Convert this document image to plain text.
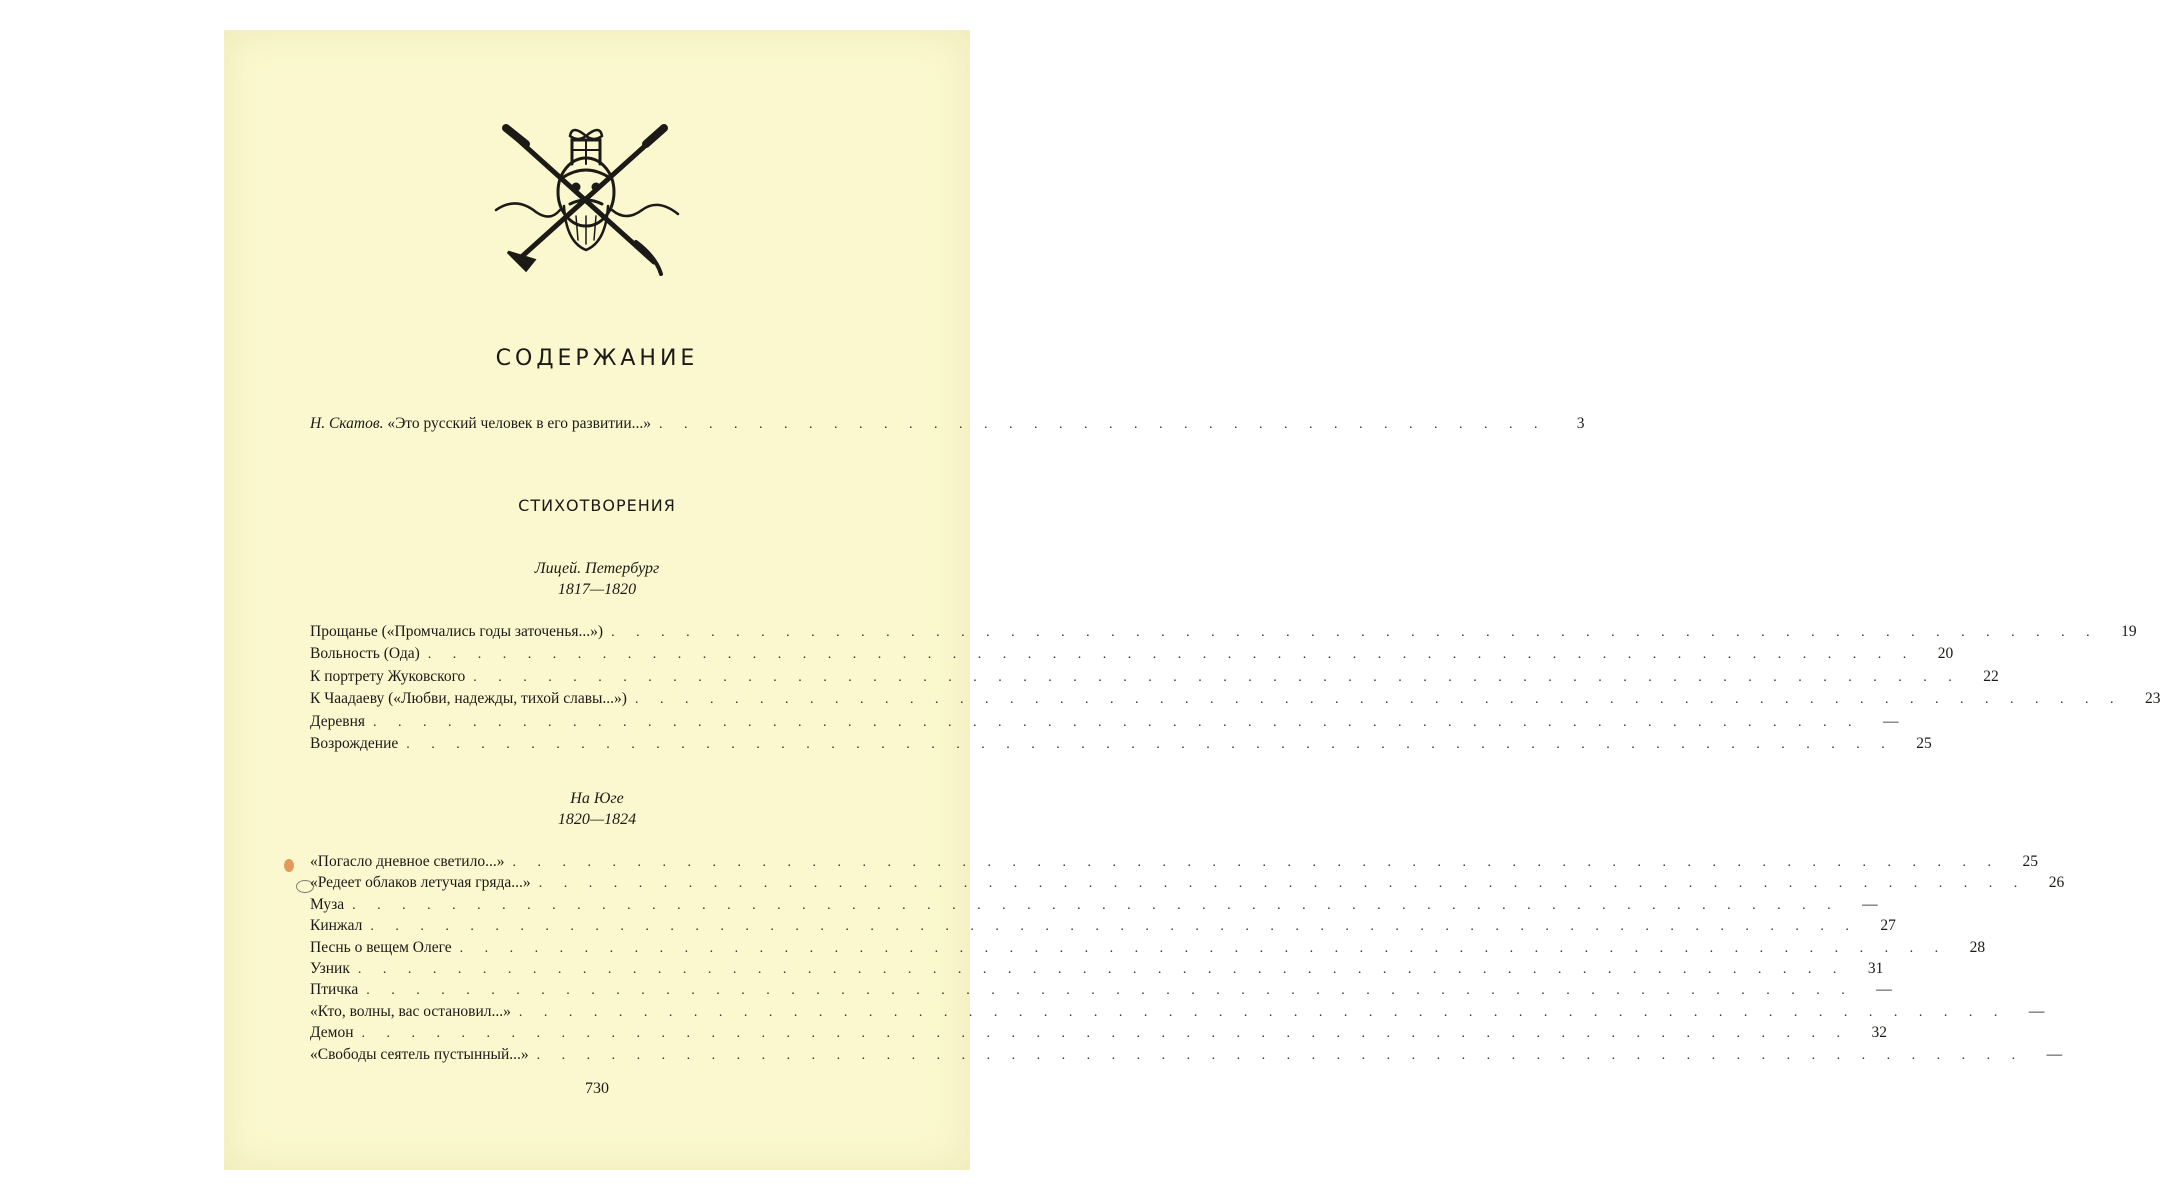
СОДЕРЖАНИЕ
Н. Скатов. «Это русский человек в его развитии...» . . . . . . . . . . . . . . . . . . . . . . . . . . . . . . . . . . . .	3
СТИХОТВОРЕНИЯ
Лицей. Петербург
1817—1820
Прощанье («Промчались годы заточенья...») . . . . . . . . . . . . . . . . . . . . . . . . . . . . . . . . . . . . . . . . . . . . . . . . . . . . . . . . . . . .	19
Вольность (Ода) . . . . . . . . . . . . . . . . . . . . . . . . . . . . . . . . . . . . . . . . . . . . . . . . . . . . . . . . . . . .	20
К портрету Жуковского . . . . . . . . . . . . . . . . . . . . . . . . . . . . . . . . . . . . . . . . . . . . . . . . . . . . . . . . . . . .	22
К Чаадаеву («Любви, надежды, тихой славы...») . . . . . . . . . . . . . . . . . . . . . . . . . . . . . . . . . . . . . . . . . . . . . . . . . . . . . . . . . . . .	23
Деревня . . . . . . . . . . . . . . . . . . . . . . . . . . . . . . . . . . . . . . . . . . . . . . . . . . . . . . . . . . . .	—
Возрождение . . . . . . . . . . . . . . . . . . . . . . . . . . . . . . . . . . . . . . . . . . . . . . . . . . . . . . . . . . . .	25
На Юге
1820—1824
«Погасло дневное светило...» . . . . . . . . . . . . . . . . . . . . . . . . . . . . . . . . . . . . . . . . . . . . . . . . . . . . . . . . . . . .	25
«Редеет облаков летучая гряда...» . . . . . . . . . . . . . . . . . . . . . . . . . . . . . . . . . . . . . . . . . . . . . . . . . . . . . . . . . . . .	26
Муза . . . . . . . . . . . . . . . . . . . . . . . . . . . . . . . . . . . . . . . . . . . . . . . . . . . . . . . . . . . .	—
Кинжал . . . . . . . . . . . . . . . . . . . . . . . . . . . . . . . . . . . . . . . . . . . . . . . . . . . . . . . . . . . .	27
Песнь о вещем Олеге . . . . . . . . . . . . . . . . . . . . . . . . . . . . . . . . . . . . . . . . . . . . . . . . . . . . . . . . . . . .	28
Узник . . . . . . . . . . . . . . . . . . . . . . . . . . . . . . . . . . . . . . . . . . . . . . . . . . . . . . . . . . . .	31
Птичка . . . . . . . . . . . . . . . . . . . . . . . . . . . . . . . . . . . . . . . . . . . . . . . . . . . . . . . . . . . .	—
«Кто, волны, вас остановил...» . . . . . . . . . . . . . . . . . . . . . . . . . . . . . . . . . . . . . . . . . . . . . . . . . . . . . . . . . . . .	—
Демон . . . . . . . . . . . . . . . . . . . . . . . . . . . . . . . . . . . . . . . . . . . . . . . . . . . . . . . . . . . .	32
«Свободы сеятель пустынный...» . . . . . . . . . . . . . . . . . . . . . . . . . . . . . . . . . . . . . . . . . . . . . . . . . . . . . . . . . . . .	—
730
